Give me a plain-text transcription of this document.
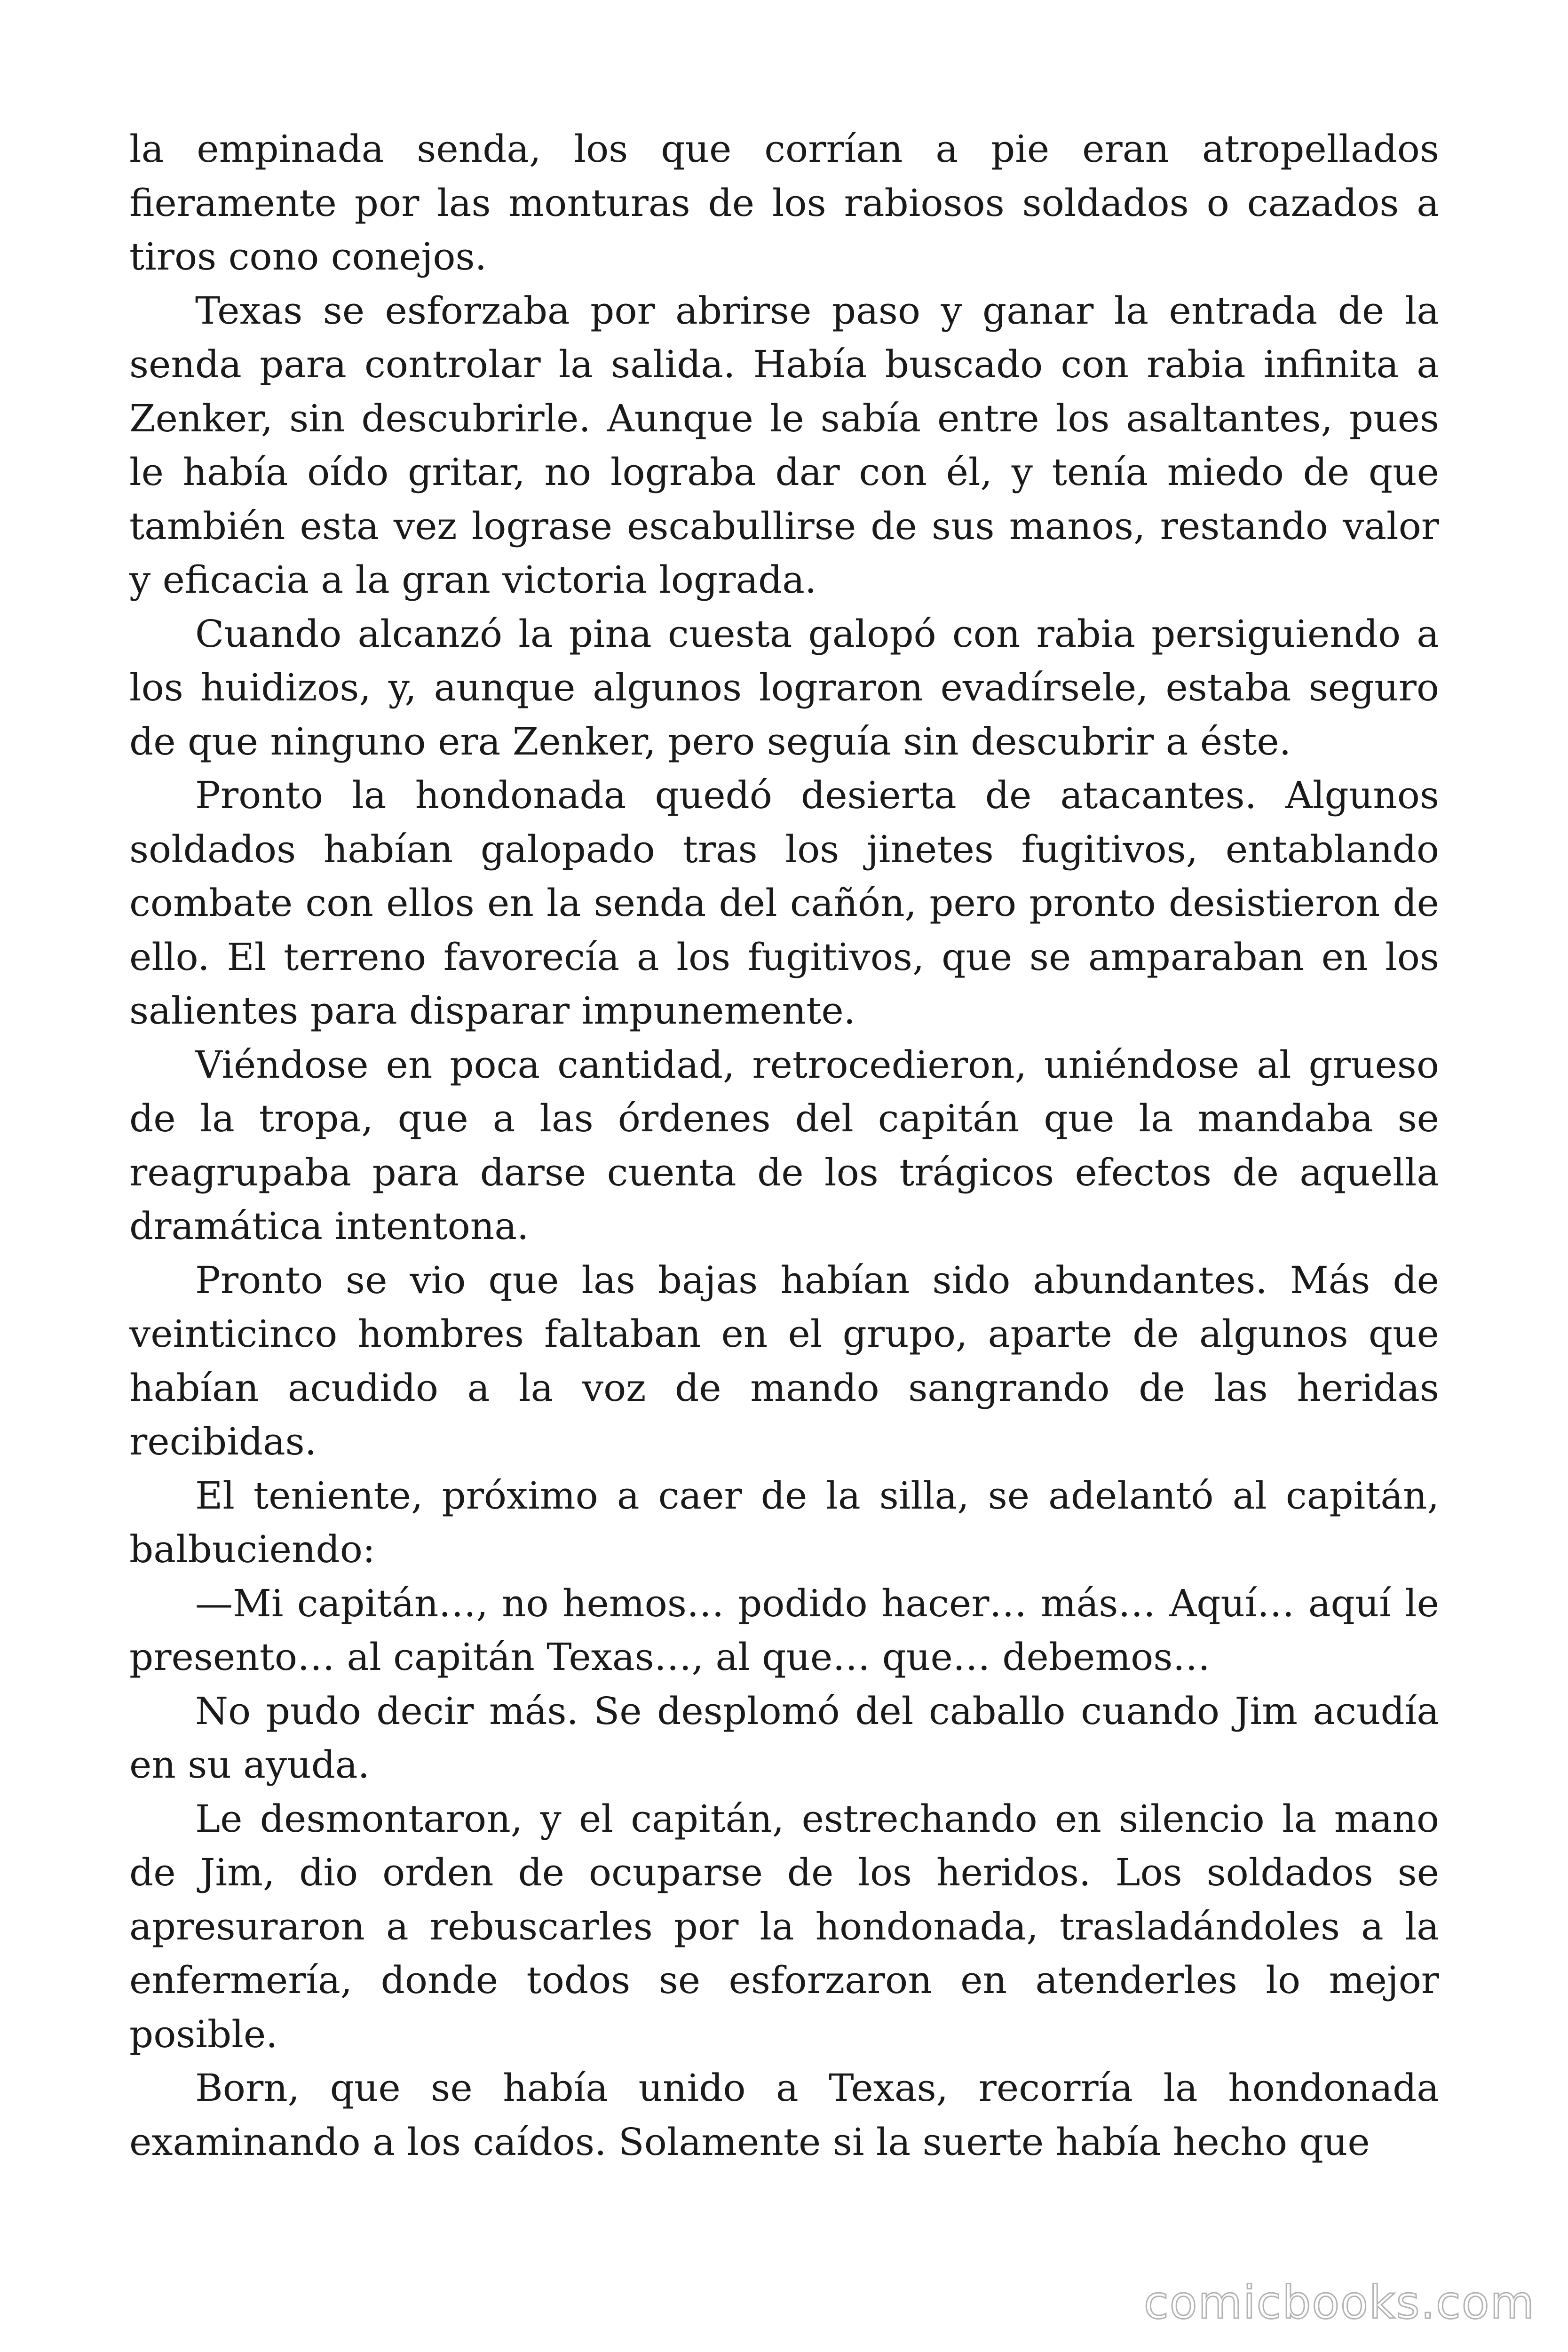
la empinada senda, los que corrían a pie eran atropellados fieramente por las monturas de los rabiosos soldados o cazados a tiros cono conejos.

Texas se esforzaba por abrirse paso y ganar la entrada de la senda para controlar la salida. Había buscado con rabia infinita a Zenker, sin descubrirle. Aunque le sabía entre los asaltantes, pues le había oído gritar, no lograba dar con él, y tenía miedo de que también esta vez lograse escabullirse de sus manos, restando valor y eficacia a la gran victoria lograda.

Cuando alcanzó la pina cuesta galopó con rabia persiguiendo a los huidizos, y, aunque algunos lograron evadírsele, estaba seguro de que ninguno era Zenker, pero seguía sin descubrir a éste.

Pronto la hondonada quedó desierta de atacantes. Algunos soldados habían galopado tras los jinetes fugitivos, entablando combate con ellos en la senda del cañón, pero pronto desistieron de ello. El terreno favorecía a los fugitivos, que se amparaban en los salientes para disparar impunemente.

Viéndose en poca cantidad, retrocedieron, uniéndose al grueso de la tropa, que a las órdenes del capitán que la mandaba se reagrupaba para darse cuenta de los trágicos efectos de aquella dramática intentona.

Pronto se vio que las bajas habían sido abundantes. Más de veinticinco hombres faltaban en el grupo, aparte de algunos que habían acudido a la voz de mando sangrando de las heridas recibidas.

El teniente, próximo a caer de la silla, se adelantó al capitán, balbuciendo:

—Mi capitán…, no hemos… podido hacer… más… Aquí… aquí le presento… al capitán Texas…, al que… que… debemos…

No pudo decir más. Se desplomó del caballo cuando Jim acudía en su ayuda.

Le desmontaron, y el capitán, estrechando en silencio la mano de Jim, dio orden de ocuparse de los heridos. Los soldados se apresuraron a rebuscarles por la hondonada, trasladándoles a la enfermería, donde todos se esforzaron en atenderles lo mejor posible.

Born, que se había unido a Texas, recorría la hondonada examinando a los caídos. Solamente si la suerte había hecho que

comicbooks.com
